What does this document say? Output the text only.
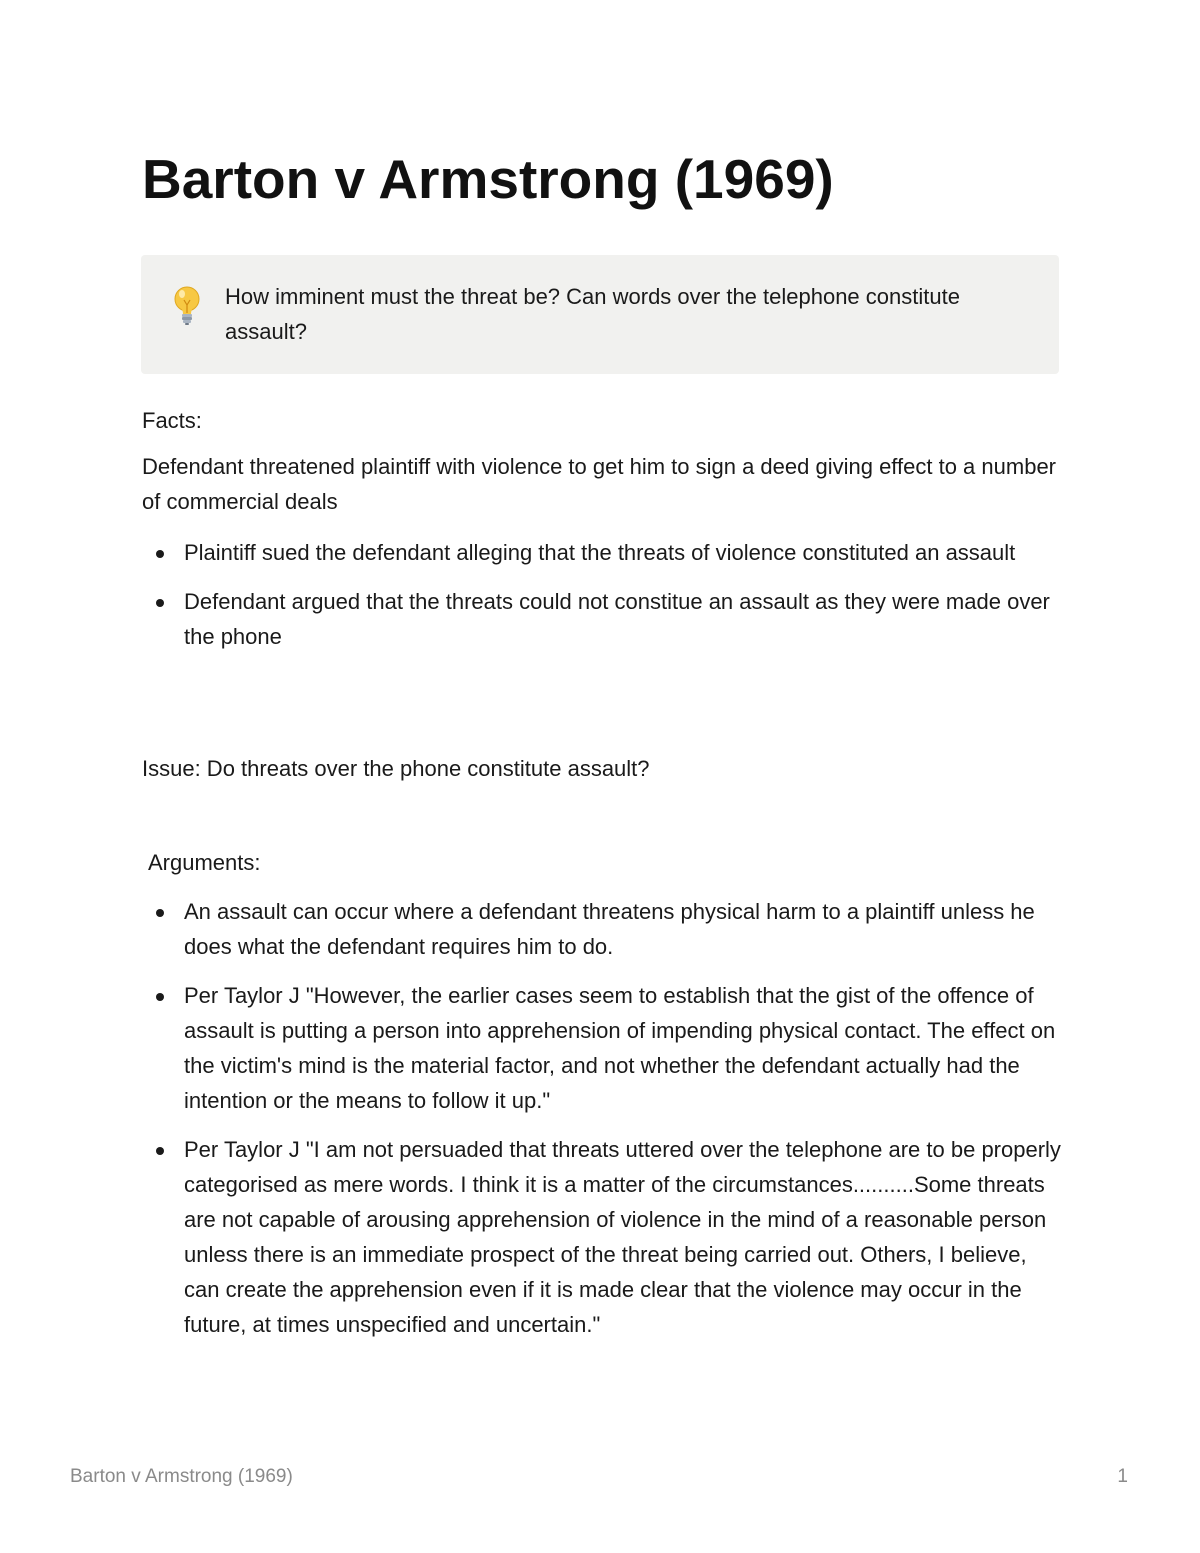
Barton v Armstrong (1969)
How imminent must the threat be? Can words over the telephone constitute assault?
Facts:
Defendant threatened plaintiff with violence to get him to sign a deed giving effect to a number of commercial deals
Plaintiff sued the defendant alleging that the threats of violence constituted an assault
Defendant argued that the threats could not constitue an assault as they were made over the phone
Issue: Do threats over the phone constitute assault?
Arguments:
An assault can occur where a defendant threatens physical harm to a plaintiff unless he does what the defendant requires him to do.
Per Taylor J "However, the earlier cases seem to establish that the gist of the offence of assault is putting a person into apprehension of impending physical contact. The effect on the victim's mind is the material factor, and not whether the defendant actually had the intention or the means to follow it up."
Per Taylor J "I am not persuaded that threats uttered over the telephone are to be properly categorised as mere words. I think it is a matter of the circumstances..........Some threats are not capable of arousing apprehension of violence in the mind of a reasonable person unless there is an immediate prospect of the threat being carried out. Others, I believe, can create the apprehension even if it is made clear that the violence may occur in the future, at times unspecified and uncertain."
Barton v Armstrong (1969)	1
